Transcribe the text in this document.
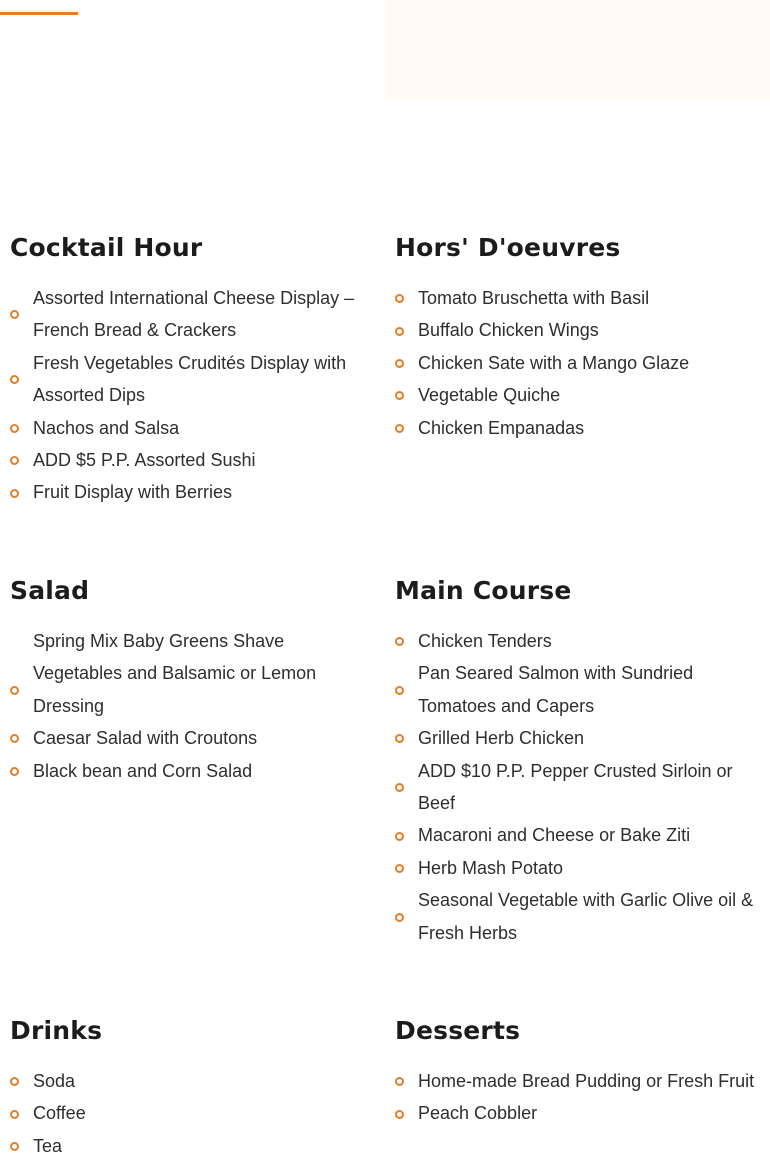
Cocktail Hour
Assorted International Cheese Display – French Bread & Crackers
Fresh Vegetables Crudités Display with Assorted Dips
Nachos and Salsa
ADD $5 P.P. Assorted Sushi
Fruit Display with Berries
Hors' D'oeuvres
Tomato Bruschetta with Basil
Buffalo Chicken Wings
Chicken Sate with a Mango Glaze
Vegetable Quiche
Chicken Empanadas
Salad
Spring Mix Baby Greens Shave
Vegetables and Balsamic or Lemon Dressing
Caesar Salad with Croutons
Black bean and Corn Salad
Main Course
Chicken Tenders
Pan Seared Salmon with Sundried Tomatoes and Capers
Grilled Herb Chicken
ADD $10 P.P. Pepper Crusted Sirloin or Beef
Macaroni and Cheese or Bake Ziti
Herb Mash Potato
Seasonal Vegetable with Garlic Olive oil & Fresh Herbs
Drinks
Soda
Coffee
Tea
Desserts
Home-made Bread Pudding or Fresh Fruit
Peach Cobbler
